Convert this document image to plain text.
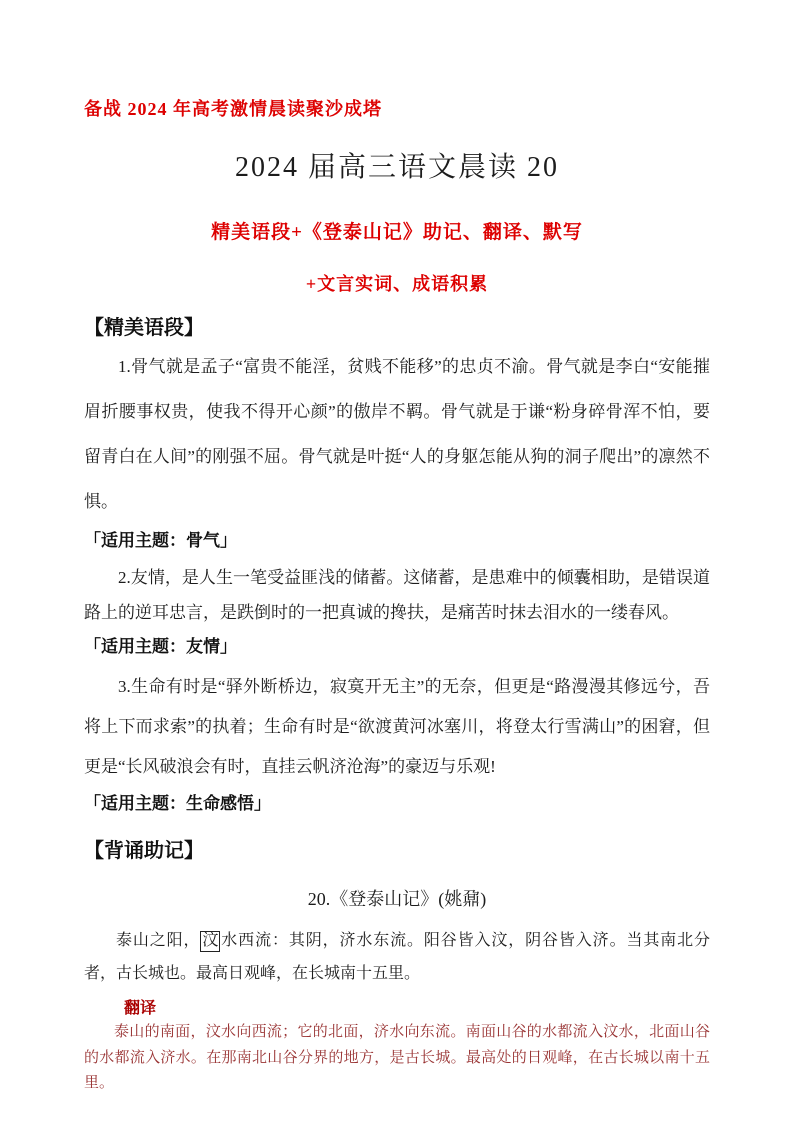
备战 2024 年高考激情晨读聚沙成塔
2024 届高三语文晨读 20
精美语段+《登泰山记》助记、翻译、默写
+文言实词、成语积累
【精美语段】

1.骨气就是孟子“富贵不能淫，贫贱不能移”的忠贞不渝。骨气就是李白“安能摧眉折腰事权贵，使我不得开心颜”的傲岸不羁。骨气就是于谦“粉身碎骨浑不怕，要留青白在人间”的刚强不屈。骨气就是叶挺“人的身躯怎能从狗的洞子爬出”的凛然不惧。

「适用主题：骨气」

2.友情，是人生一笔受益匪浅的储蓄。这储蓄，是患难中的倾囊相助，是错误道路上的逆耳忠言，是跌倒时的一把真诚的搀扶，是痛苦时抹去泪水的一缕春风。

「适用主题：友情」

3.生命有时是“驿外断桥边，寂寞开无主”的无奈，但更是“路漫漫其修远兮，吾将上下而求索”的执着；生命有时是“欲渡黄河冰塞川，将登太行雪满山”的困窘，但更是“长风破浪会有时，直挂云帆济沧海”的豪迈与乐观!

「适用主题：生命感悟」
【背诵助记】
20.《登泰山记》(姚鼐)

泰山之阳， 汶 水西流：其阴，济水东流。阳谷皆入汶，阴谷皆入济。当其南北分者，古长城也。最高日观峰，在长城南十五里。

翻译

泰山的南面，汶水向西流；它的北面，济水向东流。南面山谷的水都流入汶水，北面山谷的水都流入济水。在那南北山谷分界的地方，是古长城。最高处的日观峰，在古长城以南十五里。
